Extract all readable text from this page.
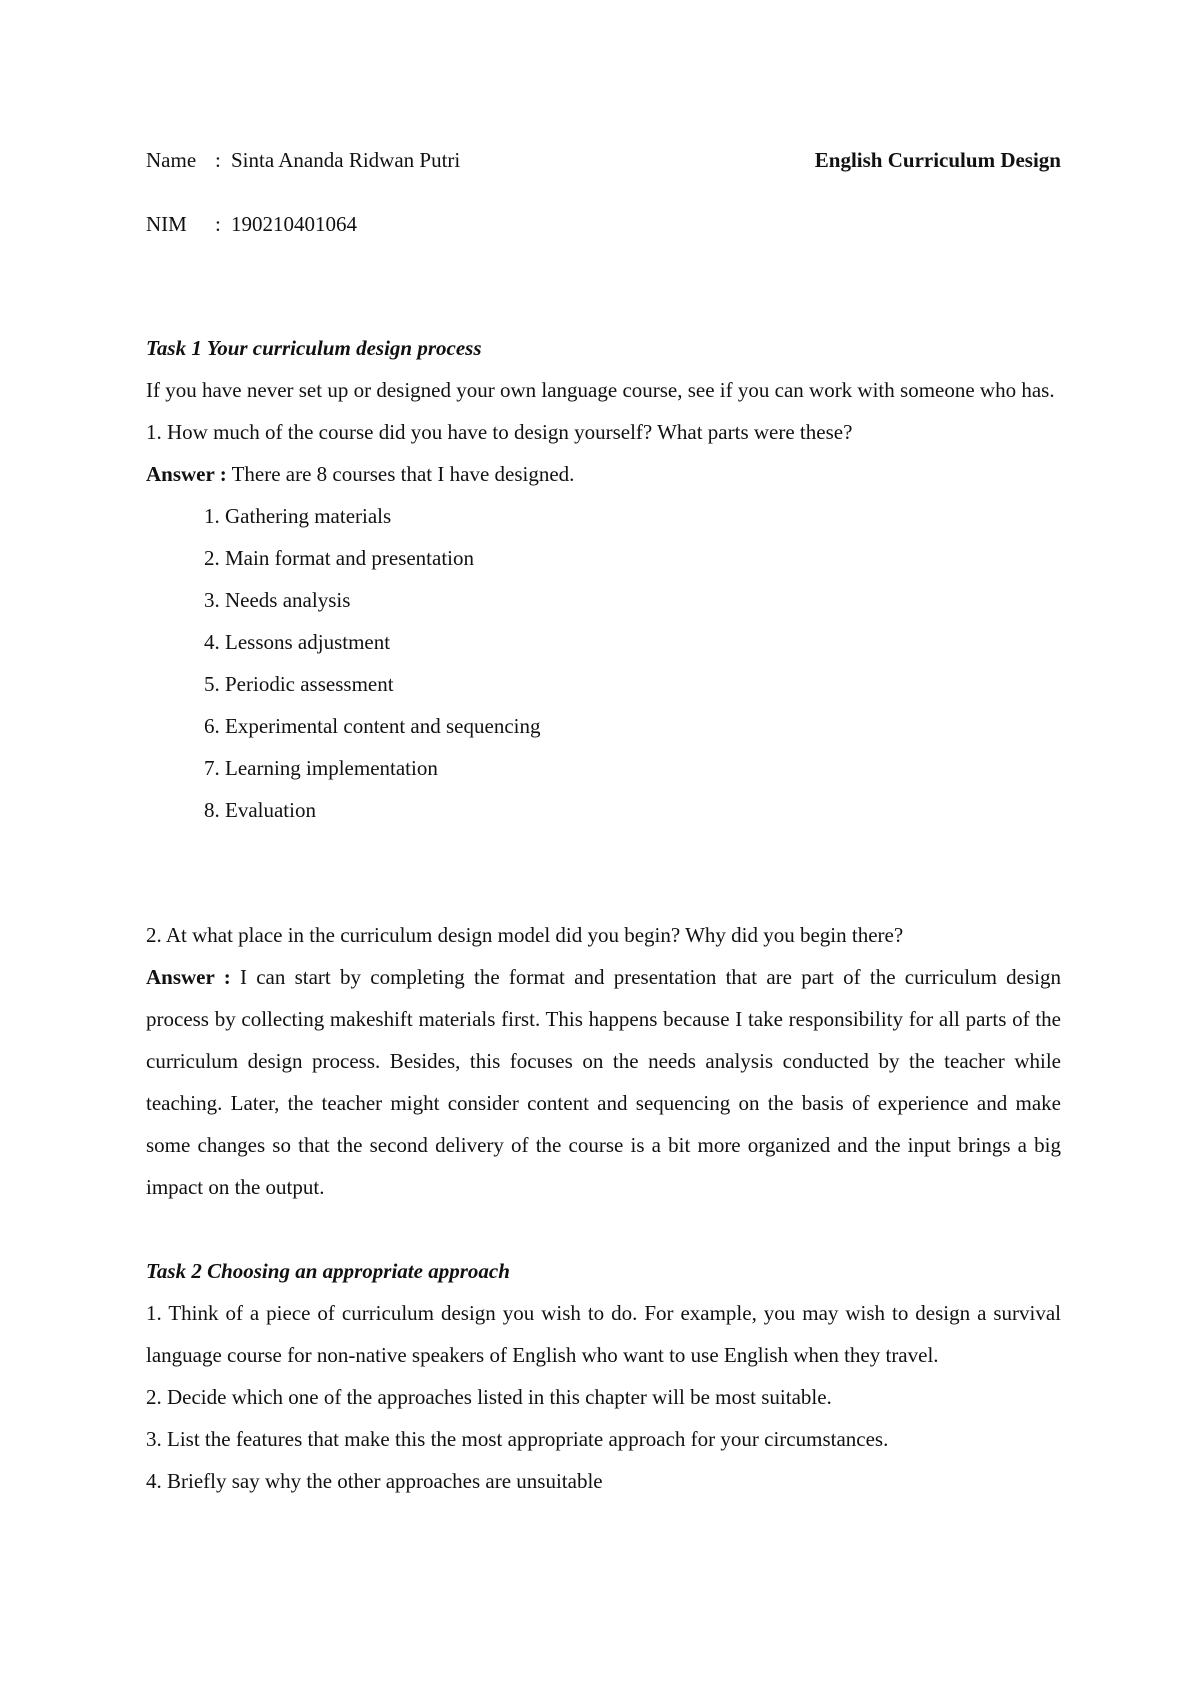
Name : Sinta Ananda Ridwan Putri	English Curriculum Design
NIM : 190210401064

Task 1 Your curriculum design process

If you have never set up or designed your own language course, see if you can work with someone who has.

1. How much of the course did you have to design yourself? What parts were these?

Answer : There are 8 courses that I have designed.

1. Gathering materials
2. Main format and presentation
3. Needs analysis
4. Lessons adjustment
5. Periodic assessment
6. Experimental content and sequencing
7. Learning implementation
8. Evaluation

2. At what place in the curriculum design model did you begin? Why did you begin there?

Answer : I can start by completing the format and presentation that are part of the curriculum design process by collecting makeshift materials first. This happens because I take responsibility for all parts of the curriculum design process. Besides, this focuses on the needs analysis conducted by the teacher while teaching. Later, the teacher might consider content and sequencing on the basis of experience and make some changes so that the second delivery of the course is a bit more organized and the input brings a big impact on the output.

Task 2 Choosing an appropriate approach

1. Think of a piece of curriculum design you wish to do. For example, you may wish to design a survival language course for non-native speakers of English who want to use English when they travel.

2. Decide which one of the approaches listed in this chapter will be most suitable.

3. List the features that make this the most appropriate approach for your circumstances.

4. Briefly say why the other approaches are unsuitable
